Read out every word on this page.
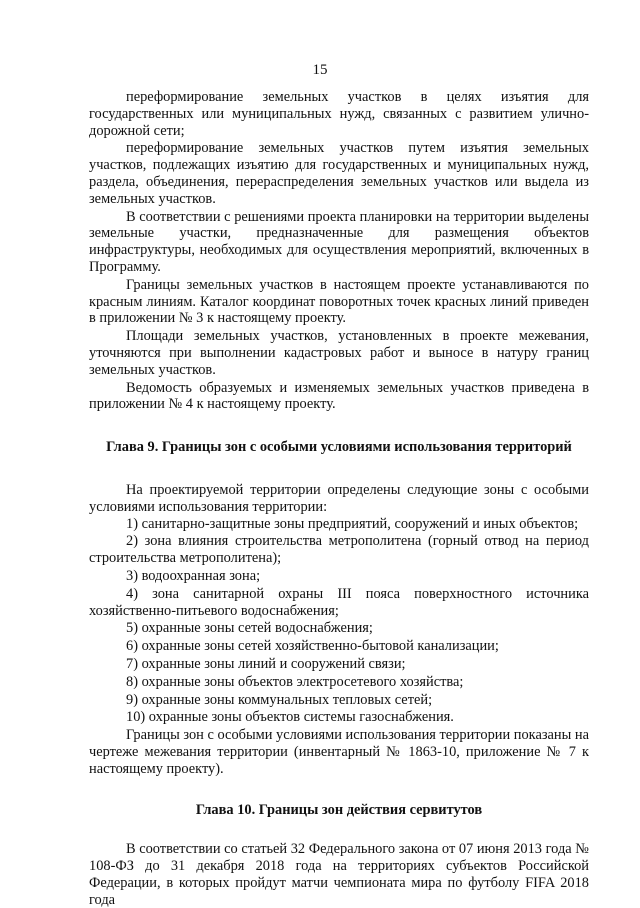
15

переформирование земельных участков в целях изъятия для государственных или муниципальных нужд, связанных с развитием улично-дорожной сети;

переформирование земельных участков путем изъятия земельных участков, подлежащих изъятию для государственных и муниципальных нужд, раздела, объединения, перераспределения земельных участков или выдела из земельных участков.

В соответствии с решениями проекта планировки на территории выделены земельные участки, предназначенные для размещения объектов инфраструктуры, необходимых для осуществления мероприятий, включенных в Программу.

Границы земельных участков в настоящем проекте устанавливаются по красным линиям. Каталог координат поворотных точек красных линий приведен в приложении № 3 к настоящему проекту.

Площади земельных участков, установленных в проекте межевания, уточняются при выполнении кадастровых работ и выносе в натуру границ земельных участков.

Ведомость образуемых и изменяемых земельных участков приведена в приложении № 4 к настоящему проекту.

Глава 9. Границы зон с особыми условиями использования территорий

На проектируемой территории определены следующие зоны с особыми условиями использования территории:

1) санитарно-защитные зоны предприятий, сооружений и иных объектов;

2) зона влияния строительства метрополитена (горный отвод на период строительства метрополитена);

3) водоохранная зона;

4) зона санитарной охраны III пояса поверхностного источника хозяйственно-питьевого водоснабжения;

5) охранные зоны сетей водоснабжения;

6) охранные зоны сетей хозяйственно-бытовой канализации;

7) охранные зоны линий и сооружений связи;

8) охранные зоны объектов электросетевого хозяйства;

9) охранные зоны коммунальных тепловых сетей;

10) охранные зоны объектов системы газоснабжения.

Границы зон с особыми условиями использования территории показаны на чертеже межевания территории (инвентарный № 1863-10, приложение № 7 к настоящему проекту).

Глава 10. Границы зон действия сервитутов

В соответствии со статьей 32 Федерального закона от 07 июня 2013 года № 108-ФЗ до 31 декабря 2018 года на территориях субъектов Российской Федерации, в которых пройдут матчи чемпионата мира по футболу FIFA 2018 года
